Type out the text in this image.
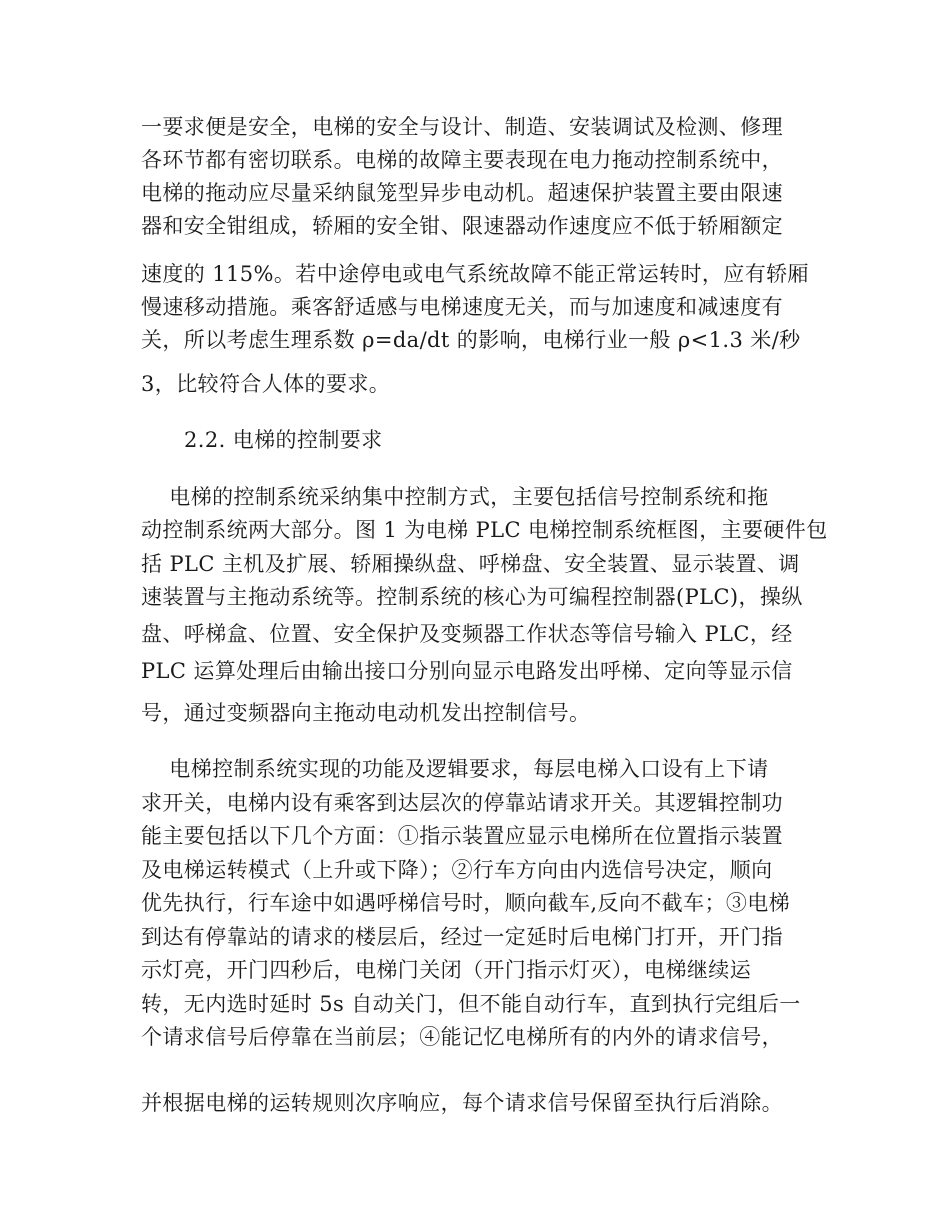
一要求便是安全，电梯的安全与设计、制造、安装调试及检测、修理
各环节都有密切联系。电梯的故障主要表现在电力拖动控制系统中，
电梯的拖动应尽量采纳鼠笼型异步电动机。超速保护装置主要由限速
器和安全钳组成，轿厢的安全钳、限速器动作速度应不低于轿厢额定
速度的 115%。若中途停电或电气系统故障不能正常运转时，应有轿厢
慢速移动措施。乘客舒适感与电梯速度无关，而与加速度和减速度有
关，所以考虑生理系数 ρ=da/dt 的影响，电梯行业一般 ρ<1.3 米/秒
3，比较符合人体的要求。
2.2. 电梯的控制要求
电梯的控制系统采纳集中控制方式，主要包括信号控制系统和拖
动控制系统两大部分。图 1 为电梯 PLC 电梯控制系统框图，主要硬件包
括 PLC 主机及扩展、轿厢操纵盘、呼梯盘、安全装置、显示装置、调
速装置与主拖动系统等。控制系统的核心为可编程控制器(PLC)，操纵
盘、呼梯盒、位置、安全保护及变频器工作状态等信号输入 PLC，经
PLC 运算处理后由输出接口分别向显示电路发出呼梯、定向等显示信
号，通过变频器向主拖动电动机发出控制信号。
电梯控制系统实现的功能及逻辑要求，每层电梯入口设有上下请
求开关，电梯内设有乘客到达层次的停靠站请求开关。其逻辑控制功
能主要包括以下几个方面：①指示装置应显示电梯所在位置指示装置
及电梯运转模式（上升或下降）；②行车方向由内选信号决定，顺向
优先执行，行车途中如遇呼梯信号时，顺向截车,反向不截车；③电梯
到达有停靠站的请求的楼层后，经过一定延时后电梯门打开，开门指
示灯亮，开门四秒后，电梯门关闭（开门指示灯灭），电梯继续运
转，无内选时延时 5s 自动关门，但不能自动行车，直到执行完组后一
个请求信号后停靠在当前层；④能记忆电梯所有的内外的请求信号，
并根据电梯的运转规则次序响应，每个请求信号保留至执行后消除。
